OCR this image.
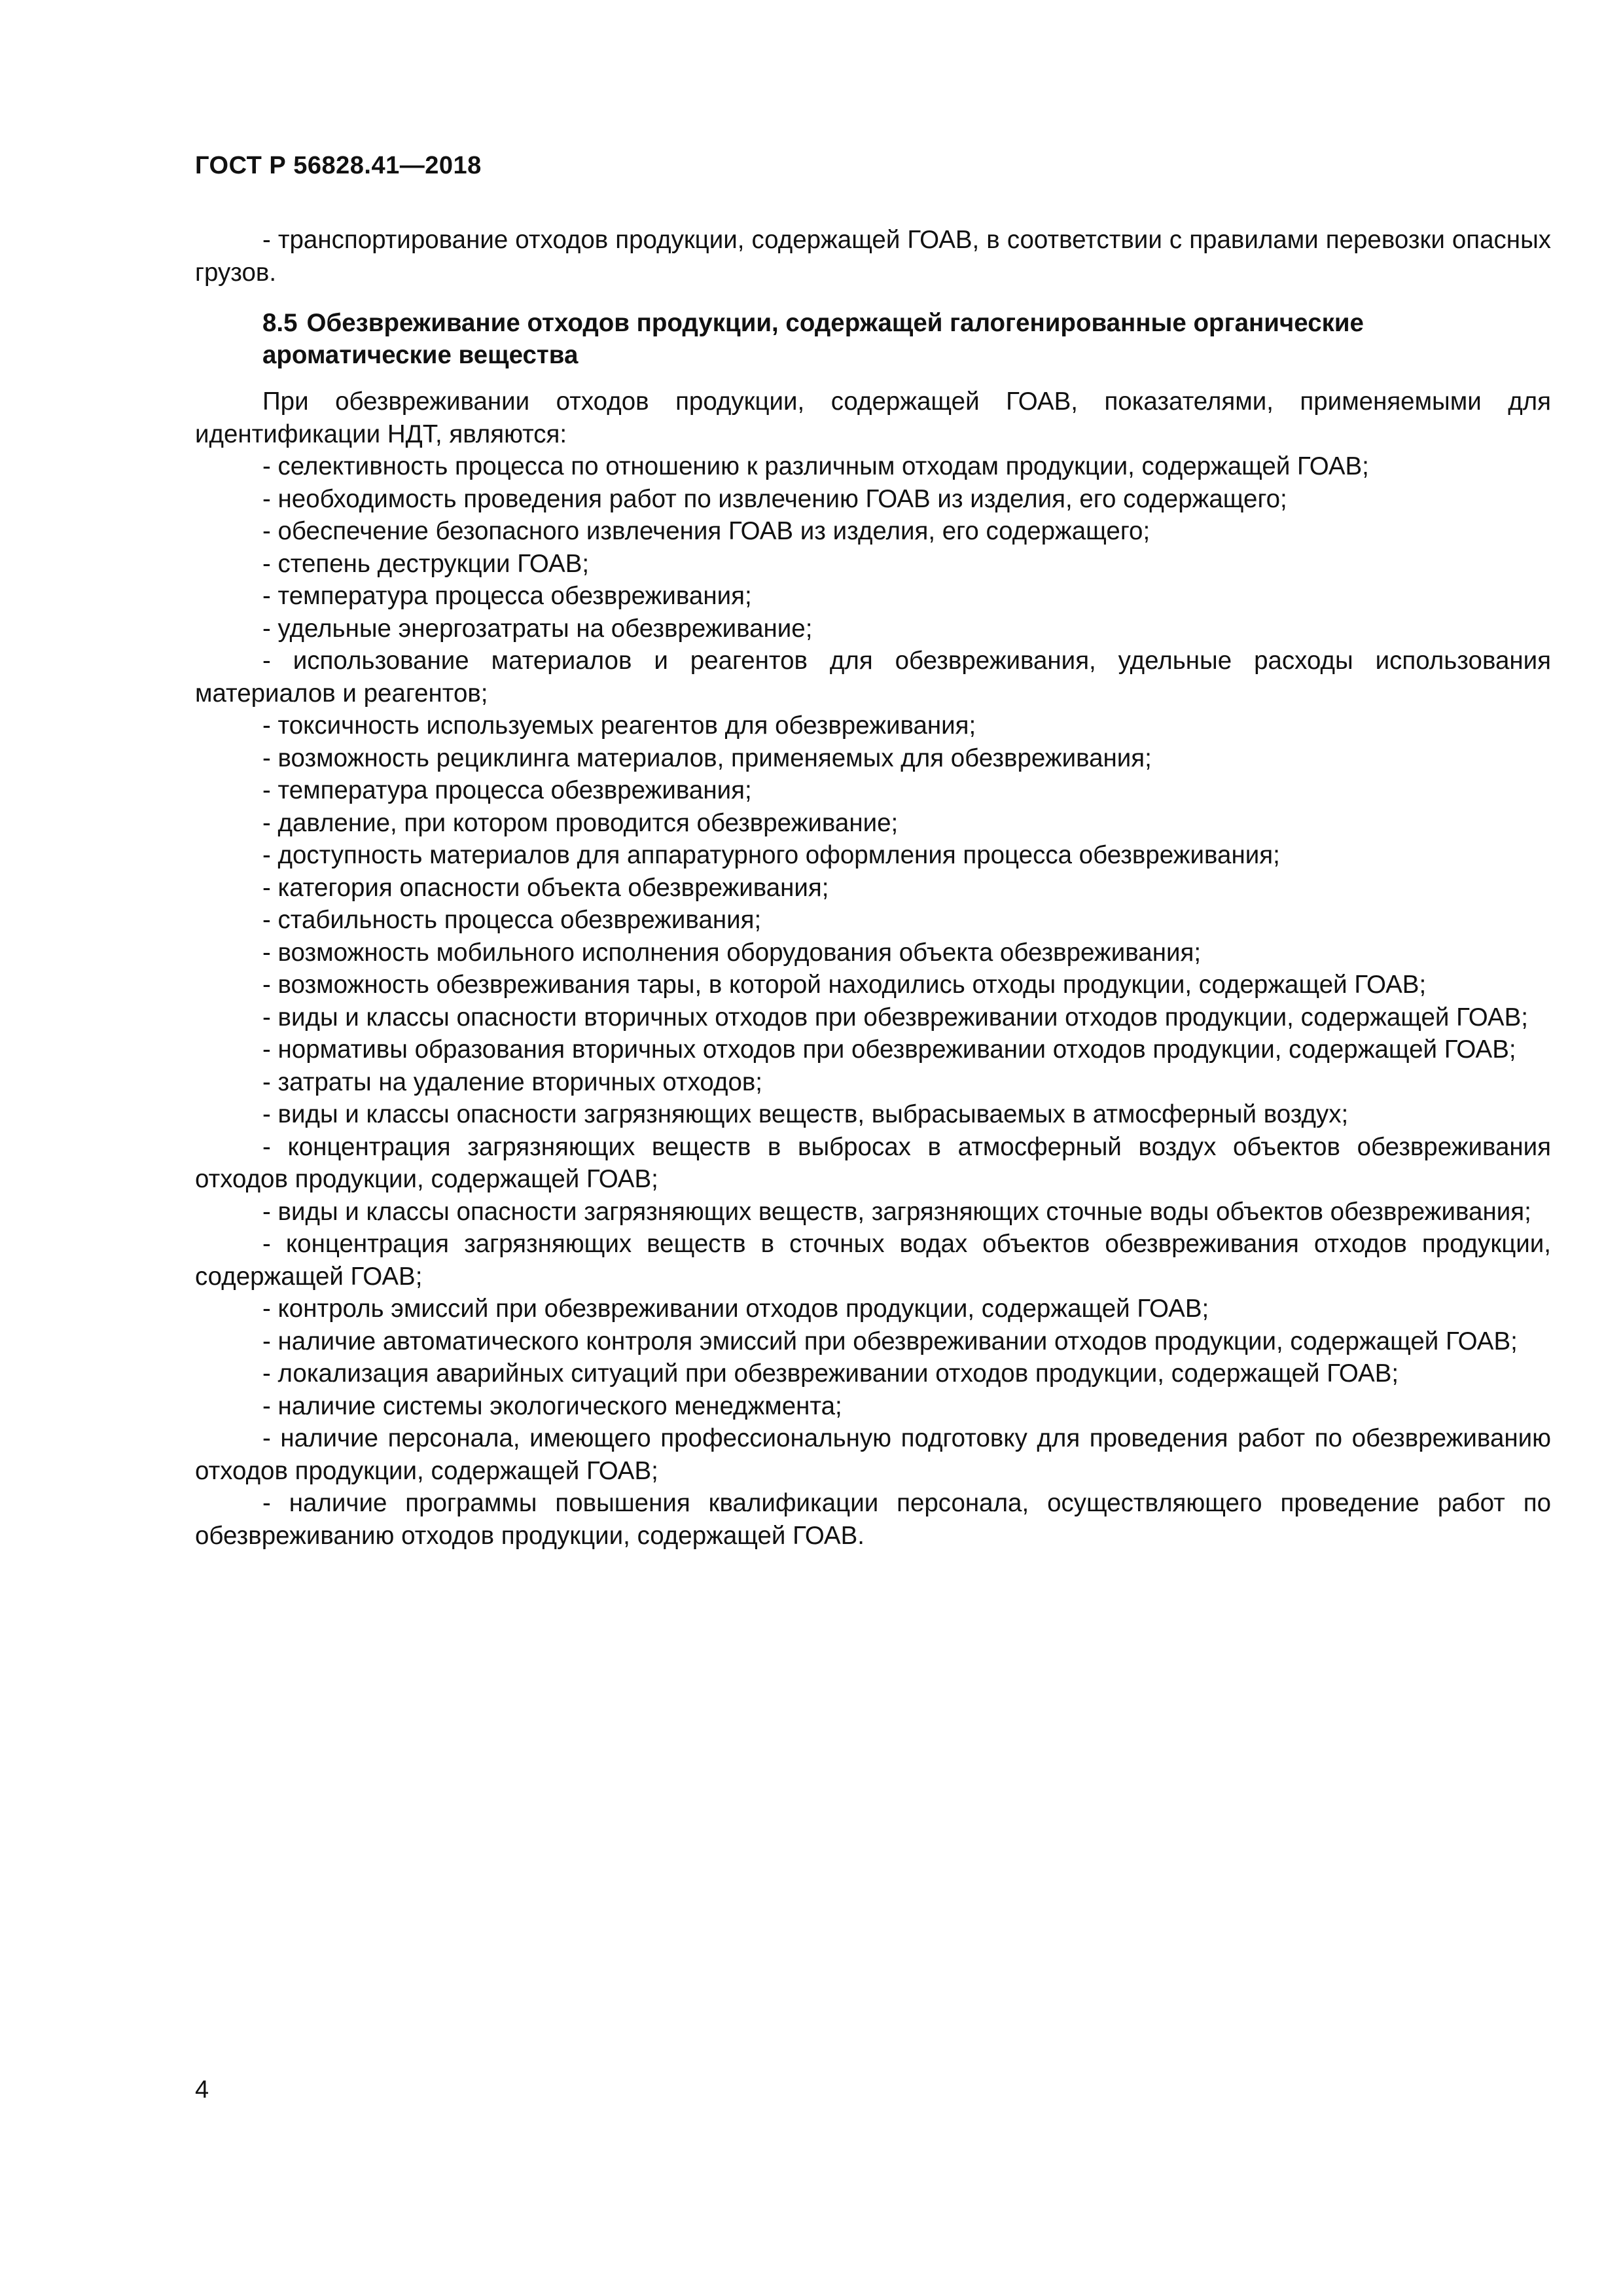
ГОСТ Р 56828.41—2018

- транспортирование отходов продукции, содержащей ГОАВ, в соответствии с правилами перевозки опасных грузов.

8.5 Обезвреживание отходов продукции, содержащей галогенированные органические ароматические вещества

При обезвреживании отходов продукции, содержащей ГОАВ, показателями, применяемыми для идентификации НДТ, являются:

- селективность процесса по отношению к различным отходам продукции, содержащей ГОАВ;

- необходимость проведения работ по извлечению ГОАВ из изделия, его содержащего;

- обеспечение безопасного извлечения ГОАВ из изделия, его содержащего;

- степень деструкции ГОАВ;

- температура процесса обезвреживания;

- удельные энергозатраты на обезвреживание;

- использование материалов и реагентов для обезвреживания, удельные расходы использования материалов и реагентов;

- токсичность используемых реагентов для обезвреживания;

- возможность рециклинга материалов, применяемых для обезвреживания;

- температура процесса обезвреживания;

- давление, при котором проводится обезвреживание;

- доступность материалов для аппаратурного оформления процесса обезвреживания;

- категория опасности объекта обезвреживания;

- стабильность процесса обезвреживания;

- возможность мобильного исполнения оборудования объекта обезвреживания;

- возможность обезвреживания тары, в которой находились отходы продукции, содержащей ГОАВ;

- виды и классы опасности вторичных отходов при обезвреживании отходов продукции, содержащей ГОАВ;

- нормативы образования вторичных отходов при обезвреживании отходов продукции, содержащей ГОАВ;

- затраты на удаление вторичных отходов;

- виды и классы опасности загрязняющих веществ, выбрасываемых в атмосферный воздух;

- концентрация загрязняющих веществ в выбросах в атмосферный воздух объектов обезвреживания отходов продукции, содержащей ГОАВ;

- виды и классы опасности загрязняющих веществ, загрязняющих сточные воды объектов обезвреживания;

- концентрация загрязняющих веществ в сточных водах объектов обезвреживания отходов продукции, содержащей ГОАВ;

- контроль эмиссий при обезвреживании отходов продукции, содержащей ГОАВ;

- наличие автоматического контроля эмиссий при обезвреживании отходов продукции, содержащей ГОАВ;

- локализация аварийных ситуаций при обезвреживании отходов продукции, содержащей ГОАВ;

- наличие системы экологического менеджмента;

- наличие персонала, имеющего профессиональную подготовку для проведения работ по обезвреживанию отходов продукции, содержащей ГОАВ;

- наличие программы повышения квалификации персонала, осуществляющего проведение работ по обезвреживанию отходов продукции, содержащей ГОАВ.

4
